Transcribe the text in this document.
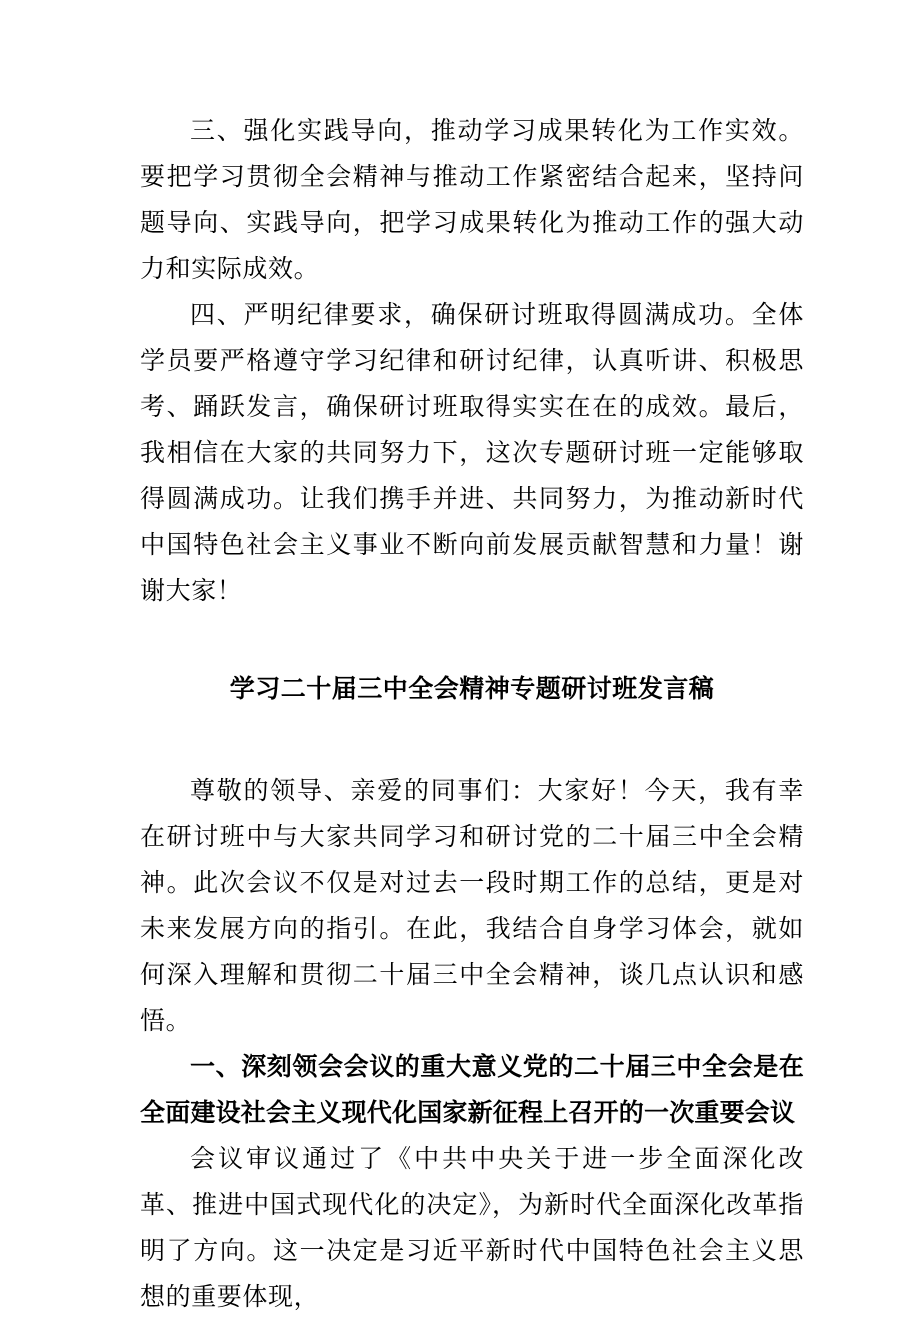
三、强化实践导向，推动学习成果转化为工作实效。要把学习贯彻全会精神与推动工作紧密结合起来，坚持问题导向、实践导向，把学习成果转化为推动工作的强大动力和实际成效。

四、严明纪律要求，确保研讨班取得圆满成功。全体学员要严格遵守学习纪律和研讨纪律，认真听讲、积极思考、踊跃发言，确保研讨班取得实实在在的成效。最后，我相信在大家的共同努力下，这次专题研讨班一定能够取得圆满成功。让我们携手并进、共同努力，为推动新时代中国特色社会主义事业不断向前发展贡献智慧和力量！谢谢大家！

学习二十届三中全会精神专题研讨班发言稿

尊敬的领导、亲爱的同事们：大家好！今天，我有幸在研讨班中与大家共同学习和研讨党的二十届三中全会精神。此次会议不仅是对过去一段时期工作的总结，更是对未来发展方向的指引。在此，我结合自身学习体会，就如何深入理解和贯彻二十届三中全会精神，谈几点认识和感悟。

一、深刻领会会议的重大意义党的二十届三中全会是在全面建设社会主义现代化国家新征程上召开的一次重要会议

会议审议通过了《中共中央关于进一步全面深化改革、推进中国式现代化的决定》，为新时代全面深化改革指明了方向。这一决定是习近平新时代中国特色社会主义思想的重要体现，
